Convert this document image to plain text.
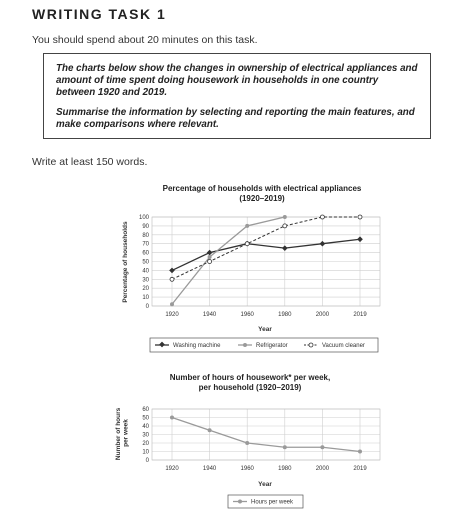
WRITING TASK 1
You should spend about 20 minutes on this task.

The charts below show the changes in ownership of electrical appliances and amount of time spent doing housework in households in one country between 1920 and 2019.

Summarise the information by selecting and reporting the main features, and make comparisons where relevant.

Write at least 150 words.
Percentage of households with electrical appliances
(1920–2019)
0
10
20
30
40
50
60
70
80
90
100
1920	1940	1960	1980	2000	2019
Year
Percentage of households
Washing machine	Refrigerator	Vacuum cleaner
Number of hours of housework* per week,
per household (1920–2019)
0
10
20
30
40
50
60
1920	1940	1960	1980	2000	2019
Year
Number of hours per week
Hours per week
